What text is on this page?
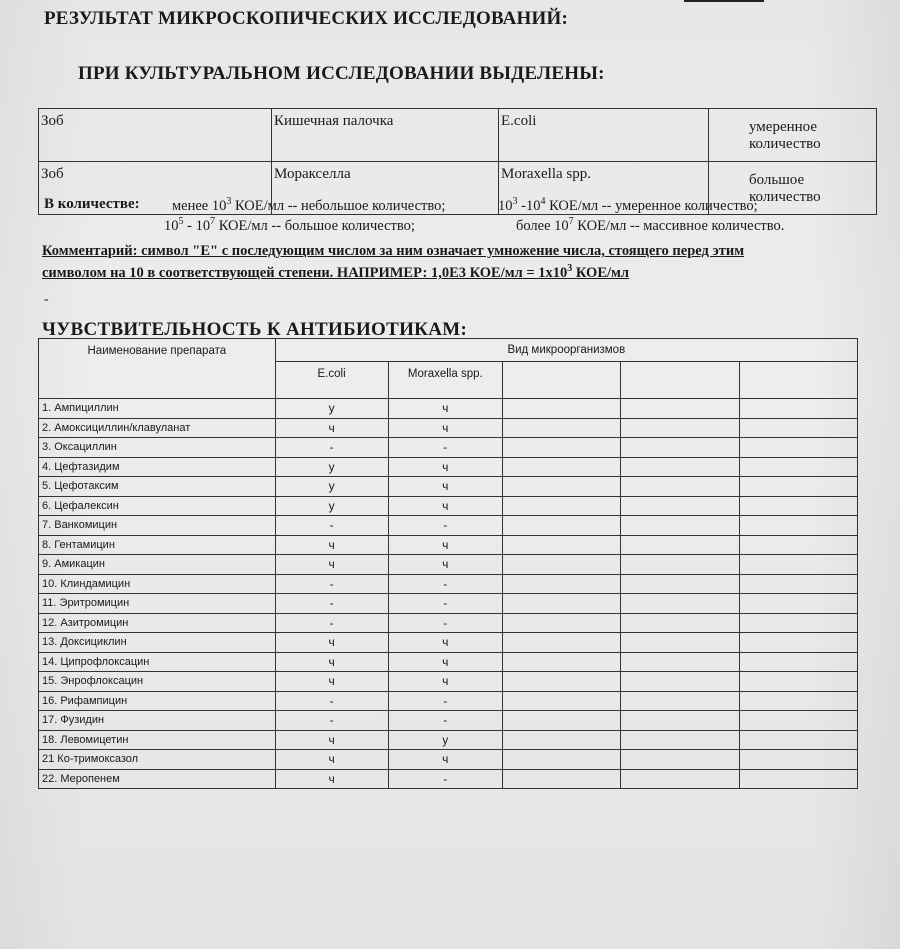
РЕЗУЛЬТАТ МИКРОСКОПИЧЕСКИХ ИССЛЕДОВАНИЙ:
ПРИ КУЛЬТУРАЛЬНОМ ИССЛЕДОВАНИИ ВЫДЕЛЕНЫ:
Зоб	Кишечная палочка	E.coli	умеренное количество
Зоб	Моракселла	Moraxella spp.	большое количество
В количестве: менее $10^3$ КОЕ/мл -- небольшое количество;	$10^3$ $-10^4$ КОЕ/мл -- умеренное количество;
$10^5 - 10^7$ КОЕ/мл -- большое количество;	более $10^7$ КОЕ/мл -- массивное количество.
Комментарий: символ "Е" с последующим числом за ним означает умножение числа, стоящего перед этим
символом на 10 в соответствующей степени. НАПРИМЕР: 1,0Е3 $КОЕ/мл = 1х10^3$ КОЕ/мл
-
ЧУВСТВИТЕЛЬНОСТЬ К АНТИБИОТИКАМ:
Наименование препарата	Вид микроорганизмов				
	E.coli	Moraxella spp.			
1. Ампициллин	у	ч			
2. Амоксициллин/клавуланат	ч	ч			
3. Оксациллин	-	-			
4. Цефтазидим	у	ч			
5. Цефотаксим	у	ч			
6. Цефалексин	у	ч			
7. Ванкомицин	-	-			
8. Гентамицин	ч	ч			
9. Амикацин	ч	ч			
10. Клиндамицин	-	-			
11. Эритромицин	-	-			
12. Азитромицин	-	-			
13. Доксициклин	ч	ч			
14. Ципрофлоксацин	ч	ч			
15. Энрофлоксацин	ч	ч			
16. Рифампицин	-	-			
17. Фузидин	-	-			
18. Левомицетин	ч	у			
21 Ко-тримоксазол	ч	ч			
22. Меропенем	ч	-			
